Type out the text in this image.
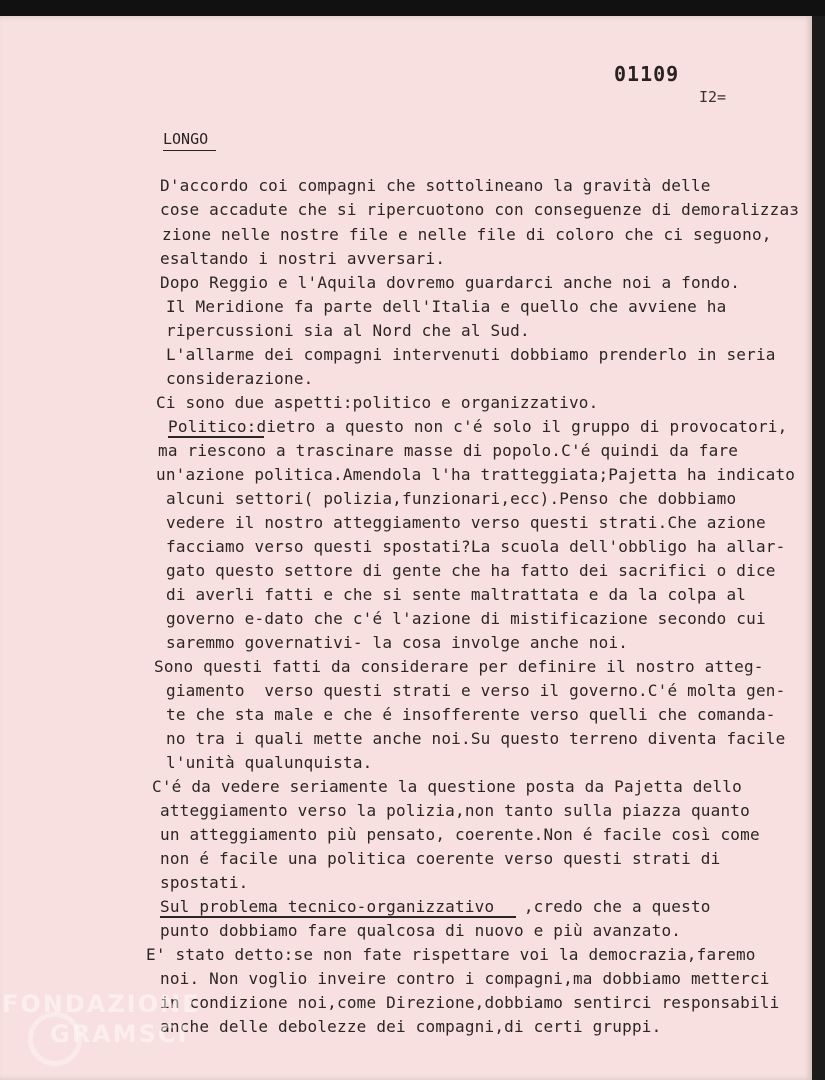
01109
I2=
LONGO
D'accordo coi compagni che sottolineano la gravità delle
cose accadute che si ripercuotono con conseguenze di demoralizzaз
zione nelle nostre file e nelle file di coloro che ci seguono,
esaltando i nostri avversari.
Dopo Reggio e l'Aquila dovremo guardarci anche noi a fondo.
Il Meridione fa parte dell'Italia e quello che avviene ha
ripercussioni sia al Nord che al Sud.
L'allarme dei compagni intervenuti dobbiamo prenderlo in seria
considerazione.
Ci sono due aspetti:politico e organizzativo.
Politico:dietro a questo non c'é solo il gruppo di provocatori,
ma riescono a trascinare masse di popolo.C'é quindi da fare
un'azione politica.Amendola l'ha tratteggiata;Pajetta ha indicato
alcuni settori( polizia,funzionari,ecc).Penso che dobbiamo
vedere il nostro atteggiamento verso questi strati.Che azione
facciamo verso questi spostati?La scuola dell'obbligo ha allar-
gato questo settore di gente che ha fatto dei sacrifici o dice
di averli fatti e che si sente maltrattata e da la colpa al
governo e-dato che c'é l'azione di mistificazione secondo cui
saremmo governativi- la cosa involge anche noi.
Sono questi fatti da considerare per definire il nostro atteg-
giamento  verso questi strati e verso il governo.C'é molta gen-
te che sta male e che é insofferente verso quelli che comanda-
no tra i quali mette anche noi.Su questo terreno diventa facile
l'unità qualunquista.
C'é da vedere seriamente la questione posta da Pajetta dello
atteggiamento verso la polizia,non tanto sulla piazza quanto
un atteggiamento più pensato, coerente.Non é facile così come
non é facile una politica coerente verso questi strati di
spostati.
Sul problema tecnico-organizzativo   ,credo che a questo
punto dobbiamo fare qualcosa di nuovo e più avanzato.
E' stato detto:se non fate rispettare voi la democrazia,faremo
noi. Non voglio inveire contro i compagni,ma dobbiamo metterci
in condizione noi,come Direzione,dobbiamo sentirci responsabili
anche delle debolezze dei compagni,di certi gruppi.
FONDAZIONE
GRAMSCI
